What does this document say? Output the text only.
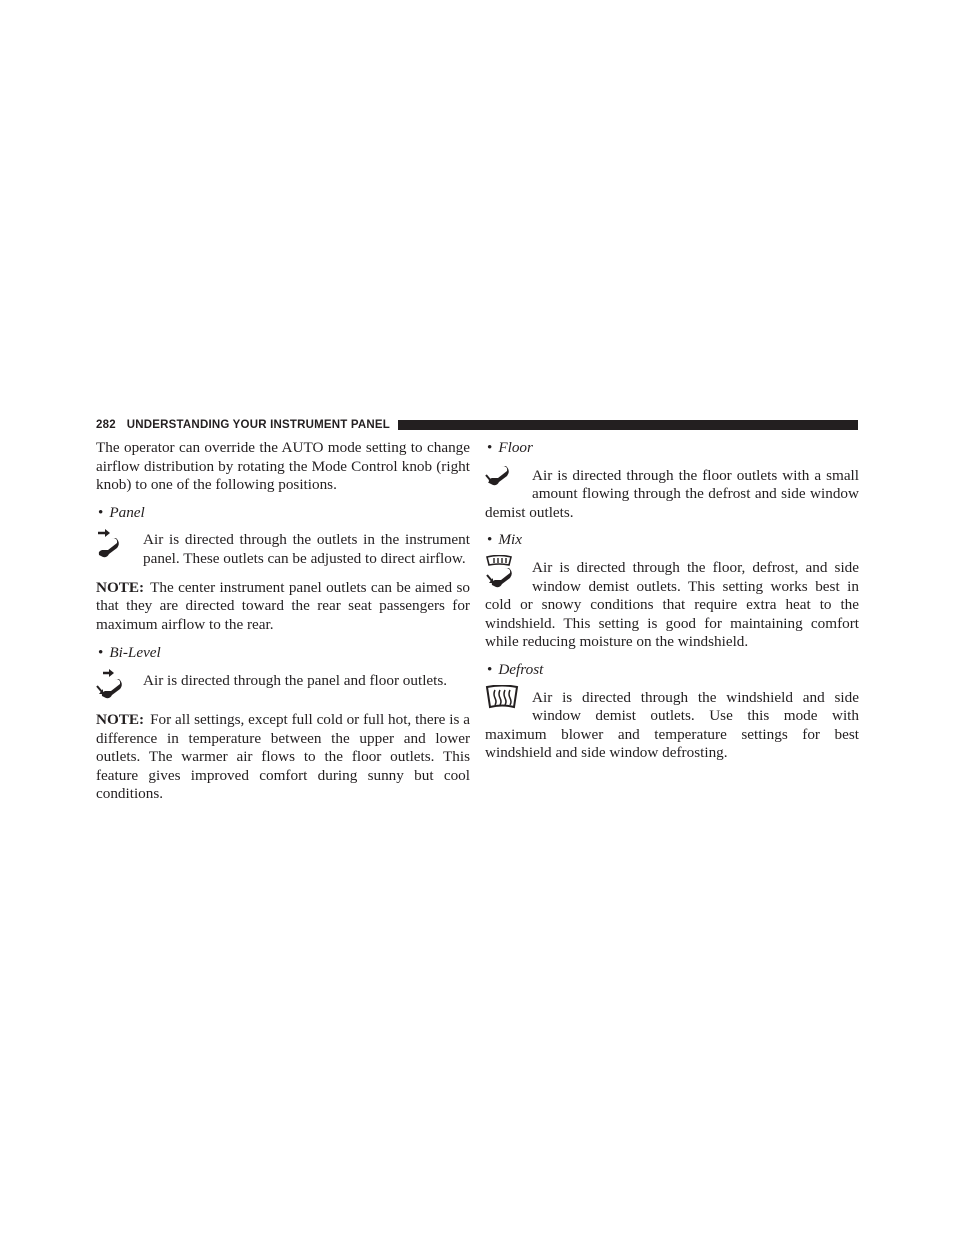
282 UNDERSTANDING YOUR INSTRUMENT PANEL

The operator can override the AUTO mode setting to change airflow distribution by rotating the Mode Control knob (right knob) to one of the following positions.

• Panel

Air is directed through the outlets in the instrument panel. These outlets can be adjusted to direct airflow.

NOTE: The center instrument panel outlets can be aimed so that they are directed toward the rear seat passengers for maximum airflow to the rear.

• Bi-Level

Air is directed through the panel and floor outlets.

NOTE: For all settings, except full cold or full hot, there is a difference in temperature between the upper and lower outlets. The warmer air flows to the floor outlets. This feature gives improved comfort during sunny but cool conditions.

• Floor

Air is directed through the floor outlets with a small amount flowing through the defrost and side window demist outlets.

• Mix

Air is directed through the floor, defrost, and side window demist outlets. This setting works best in cold or snowy conditions that require extra heat to the windshield. This setting is good for maintaining comfort while reducing moisture on the windshield.

• Defrost

Air is directed through the windshield and side window demist outlets. Use this mode with maximum blower and temperature settings for best windshield and side window defrosting.
